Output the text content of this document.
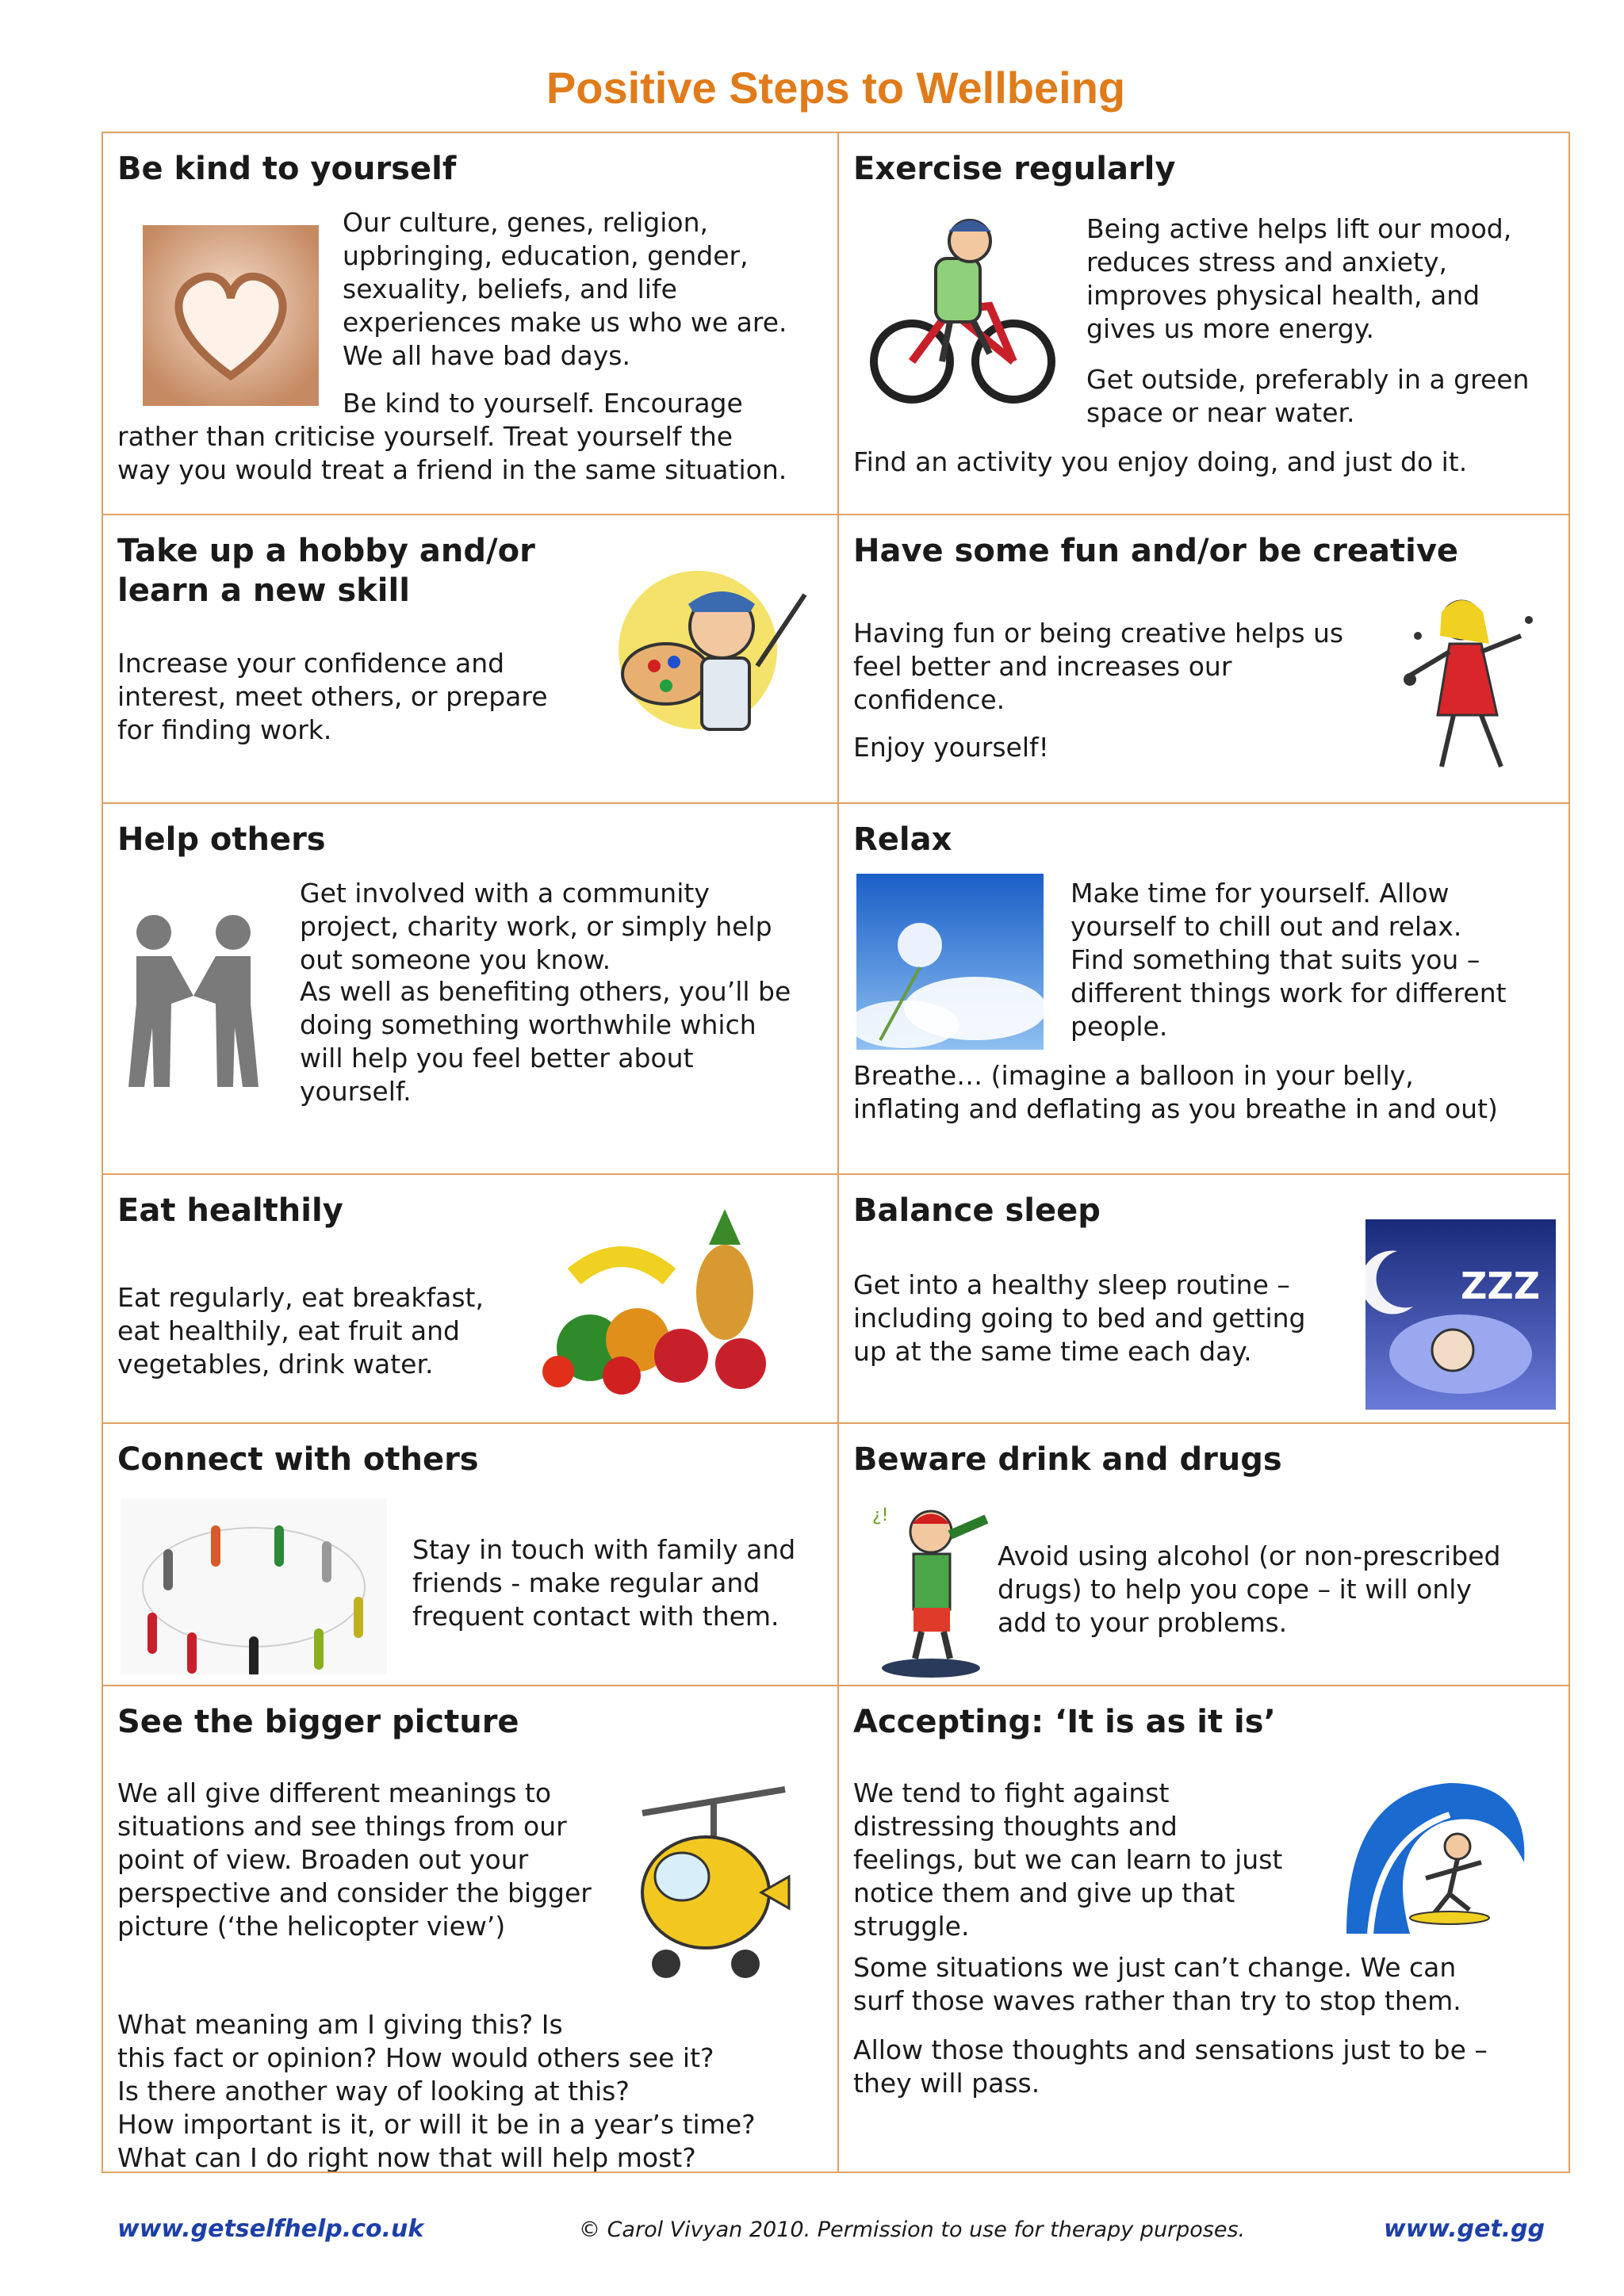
Positive Steps to Wellbeing
Be kind to yourself
Our culture, genes, religion,
upbringing, education, gender,
sexuality, beliefs, and life
experiences make us who we are.
We all have bad days.
Be kind to yourself. Encourage
rather than criticise yourself. Treat yourself the
way you would treat a friend in the same situation.
Exercise regularly
Being active helps lift our mood,
reduces stress and anxiety,
improves physical health, and
gives us more energy.
Get outside, preferably in a green
space or near water.
Find an activity you enjoy doing, and just do it.
Take up a hobby and/or
learn a new skill
Increase your confidence and
interest, meet others, or prepare
for finding work.
Have some fun and/or be creative
Having fun or being creative helps us
feel better and increases our
confidence.
Enjoy yourself!
Help others
Get involved with a community
project, charity work, or simply help
out someone you know.
As well as benefiting others, you’ll be
doing something worthwhile which
will help you feel better about
yourself.
Relax
Make time for yourself. Allow
yourself to chill out and relax.
Find something that suits you –
different things work for different
people.
Breathe… (imagine a balloon in your belly,
inflating and deflating as you breathe in and out)
Eat healthily
Eat regularly, eat breakfast,
eat healthily, eat fruit and
vegetables, drink water.
Balance sleep
ZZZ
Get into a healthy sleep routine –
including going to bed and getting
up at the same time each day.
Connect with others
Stay in touch with family and
friends - make regular and
frequent contact with them.
Beware drink and drugs
¿!
Avoid using alcohol (or non-prescribed
drugs) to help you cope – it will only
add to your problems.
See the bigger picture
We all give different meanings to
situations and see things from our
point of view. Broaden out your
perspective and consider the bigger
picture (‘the helicopter view’)
What meaning am I giving this? Is
this fact or opinion? How would others see it?
Is there another way of looking at this?
How important is it, or will it be in a year’s time?
What can I do right now that will help most?
Accepting: ‘It is as it is’
We tend to fight against
distressing thoughts and
feelings, but we can learn to just
notice them and give up that
struggle.
Some situations we just can’t change. We can
surf those waves rather than try to stop them.
Allow those thoughts and sensations just to be –
they will pass.
www.getselfhelp.co.uk	© Carol Vivyan 2010. Permission to use for therapy purposes.	www.get.gg
